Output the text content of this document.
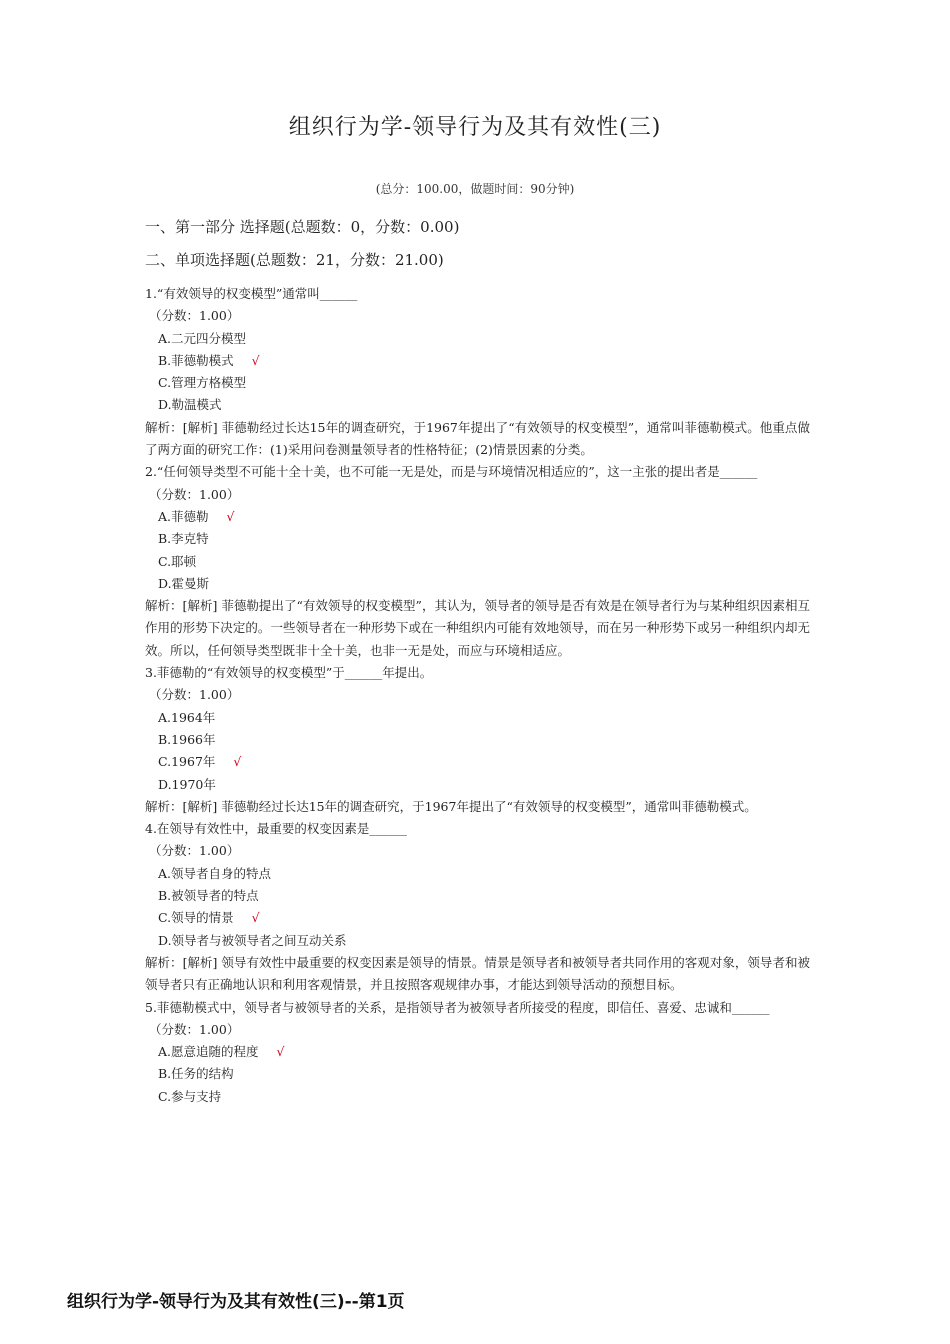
组织行为学-领导行为及其有效性(三)
(总分：100.00，做题时间：90分钟)
一、第一部分 选择题(总题数：0，分数：0.00)
二、单项选择题(总题数：21，分数：21.00)
1.“有效领导的权变模型”通常叫______
（分数：1.00）
A.二元四分模型
B.菲德勒模式 √
C.管理方格模型
D.勒温模式
解析：[解析] 菲德勒经过长达15年的调查研究，于1967年提出了“有效领导的权变模型”，通常叫菲德勒模式。他重点做了两方面的研究工作：(1)采用问卷测量领导者的性格特征；(2)情景因素的分类。
2.“任何领导类型不可能十全十美，也不可能一无是处，而是与环境情况相适应的”，这一主张的提出者是______
（分数：1.00）
A.菲德勒 √
B.李克特
C.耶顿
D.霍曼斯
解析：[解析] 菲德勒提出了“有效领导的权变模型”，其认为，领导者的领导是否有效是在领导者行为与某种组织因素相互作用的形势下决定的。一些领导者在一种形势下或在一种组织内可能有效地领导，而在另一种形势下或另一种组织内却无效。所以，任何领导类型既非十全十美，也非一无是处，而应与环境相适应。
3.菲德勒的“有效领导的权变模型”于______年提出。
（分数：1.00）
A.1964年
B.1966年
C.1967年 √
D.1970年
解析：[解析] 菲德勒经过长达15年的调查研究，于1967年提出了“有效领导的权变模型”，通常叫菲德勒模式。
4.在领导有效性中，最重要的权变因素是______
（分数：1.00）
A.领导者自身的特点
B.被领导者的特点
C.领导的情景 √
D.领导者与被领导者之间互动关系
解析：[解析] 领导有效性中最重要的权变因素是领导的情景。情景是领导者和被领导者共同作用的客观对象，领导者和被领导者只有正确地认识和利用客观情景，并且按照客观规律办事，才能达到领导活动的预想目标。
5.菲德勒模式中，领导者与被领导者的关系，是指领导者为被领导者所接受的程度，即信任、喜爱、忠诚和______
（分数：1.00）
A.愿意追随的程度 √
B.任务的结构
C.参与支持
组织行为学-领导行为及其有效性(三)--第1页
